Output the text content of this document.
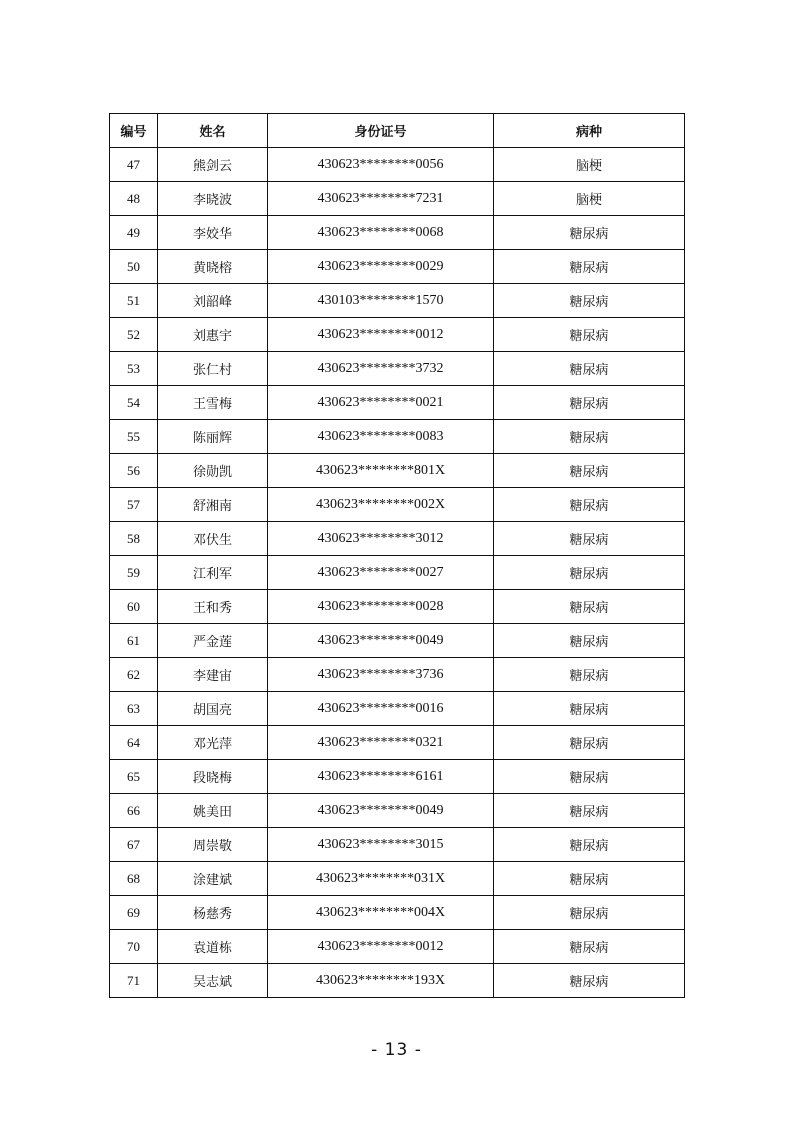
编号	姓名	身份证号	病种
47	熊剑云	430623********0056	脑梗
48	李晓波	430623********7231	脑梗
49	李姣华	430623********0068	糖尿病
50	黄晓榕	430623********0029	糖尿病
51	刘韶峰	430103********1570	糖尿病
52	刘惠宇	430623********0012	糖尿病
53	张仁村	430623********3732	糖尿病
54	王雪梅	430623********0021	糖尿病
55	陈丽辉	430623********0083	糖尿病
56	徐勋凯	430623********801X	糖尿病
57	舒湘南	430623********002X	糖尿病
58	邓伏生	430623********3012	糖尿病
59	江利军	430623********0027	糖尿病
60	王和秀	430623********0028	糖尿病
61	严金莲	430623********0049	糖尿病
62	李建宙	430623********3736	糖尿病
63	胡国亮	430623********0016	糖尿病
64	邓光萍	430623********0321	糖尿病
65	段晓梅	430623********6161	糖尿病
66	姚美田	430623********0049	糖尿病
67	周崇敬	430623********3015	糖尿病
68	涂建斌	430623********031X	糖尿病
69	杨慈秀	430623********004X	糖尿病
70	袁道栋	430623********0012	糖尿病
71	吴志斌	430623********193X	糖尿病
- 13 -
